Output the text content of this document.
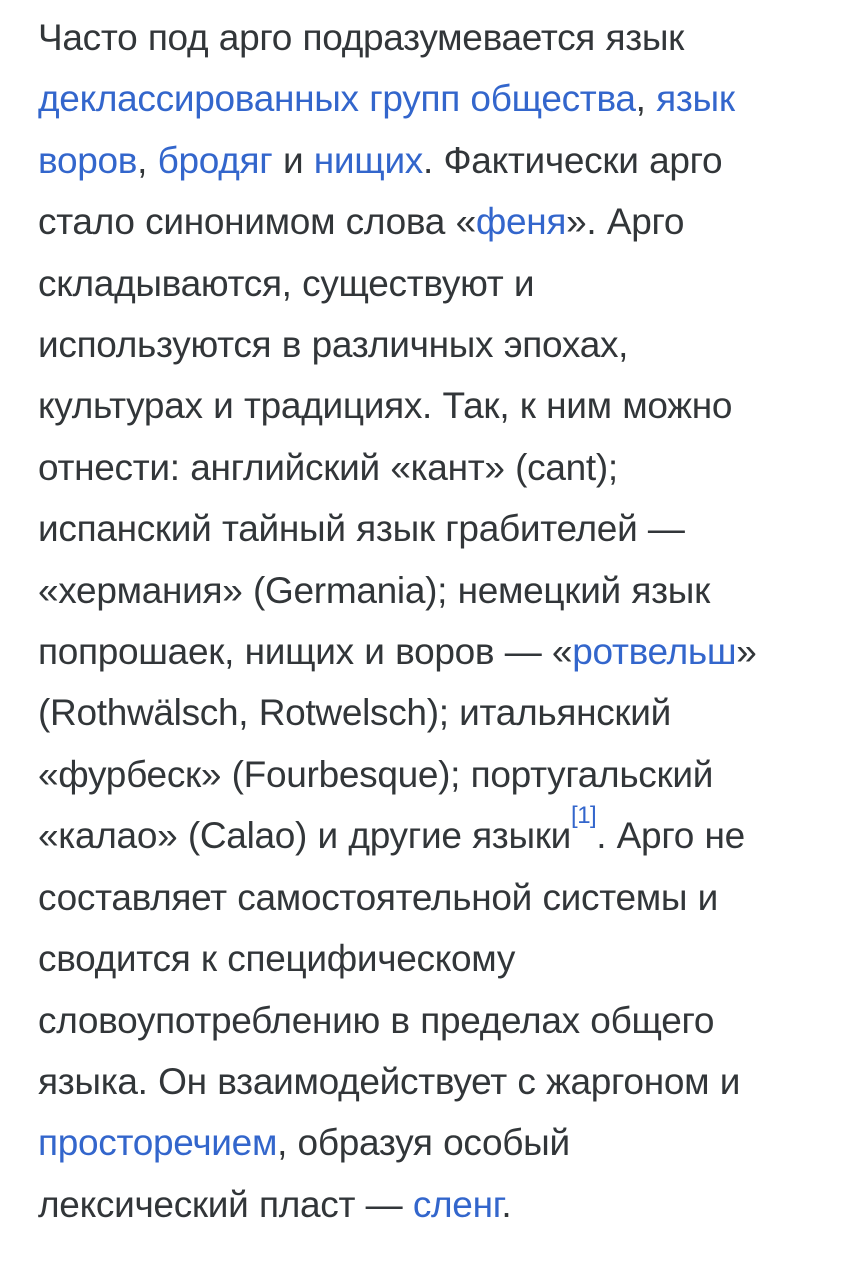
Часто под арго подразумевается язык
деклассированных групп общества, язык
воров, бродяг и нищих. Фактически арго
стало синонимом слова «феня». Арго
складываются, существуют и
используются в различных эпохах,
культурах и традициях. Так, к ним можно
отнести: английский «кант» (cant);
испанский тайный язык грабителей —
«хермания» (Germania); немецкий язык
попрошаек, нищих и воров — «ротвельш»
(Rothwälsch, Rotwelsch); итальянский
«фурбеск» (Fourbesque); португальский
«калао» (Calao) и другие языки[1]. Арго не
составляет самостоятельной системы и
сводится к специфическому
словоупотреблению в пределах общего
языка. Он взаимодействует с жаргоном и
просторечием, образуя особый
лексический пласт — сленг.
